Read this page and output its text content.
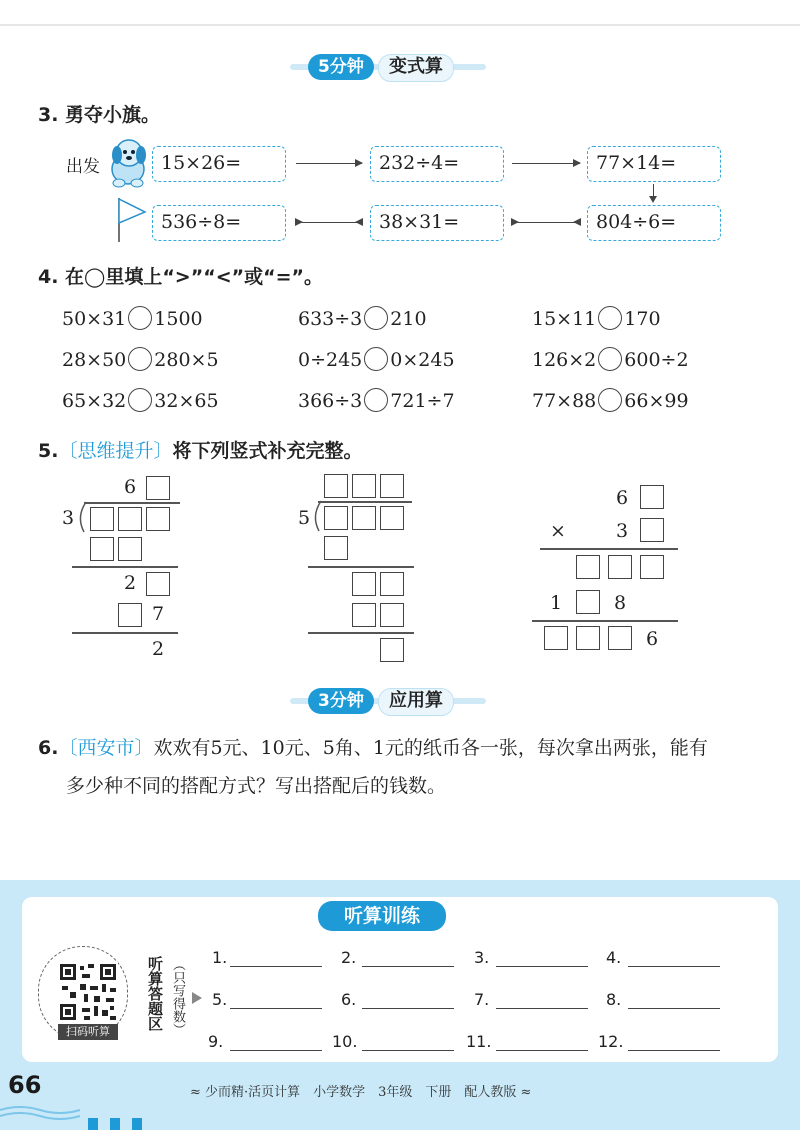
5分钟	变式算
3. 勇夺小旗。
出发	15×26=	232÷4=	77×14=
804÷6=
38×31=
536÷8=
4. 在◯里填上“>”“<”或“=”。
50×31 1500	633÷3 210	15×11 170
28×50 280×5	0÷245 0×245	126×2 600÷2
65×32 32×65	366÷3 721÷7	77×88 66×99
5.〔思维提升〕将下列竖式补充完整。
6
3
2
7
2
5
6
×	3
1	8
6
3分钟	应用算
6.〔西安市〕欢欢有5元、10元、5角、1元的纸币各一张，每次拿出两张，能有
多少种不同的搭配方式？写出搭配后的钱数。
听算训练
扫码听算
听算答题区 （只写得数）
1.	2.	3.	4.
5.	6.	7.	8.
9.	10.	11.	12.
66	≈ 少而精·活页计算　小学数学　3年级　下册　配人教版 ≈
